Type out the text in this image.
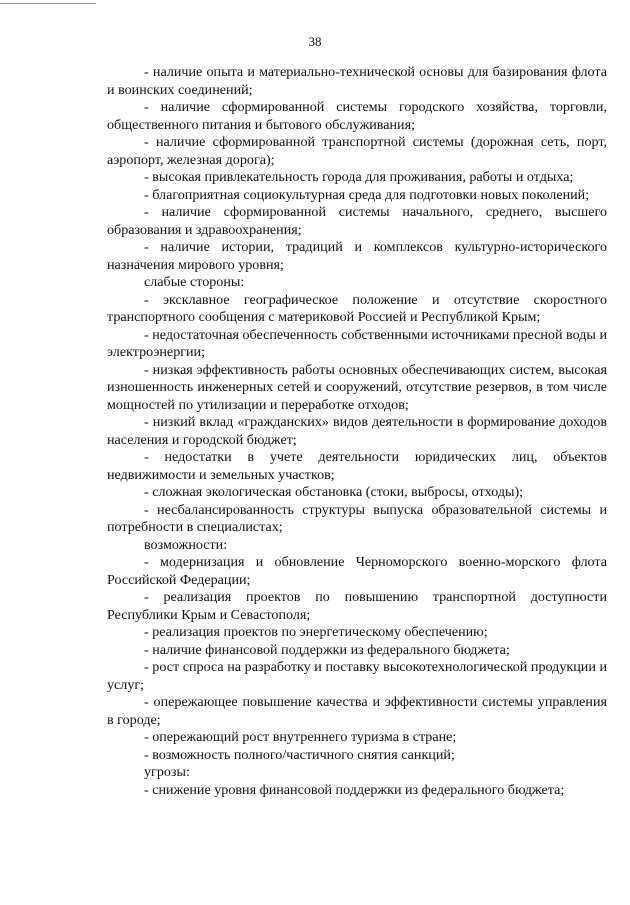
38

- наличие опыта и материально-технической основы для базирования флота и воинских соединений;

- наличие сформированной системы городского хозяйства, торговли, общественного питания и бытового обслуживания;

- наличие сформированной транспортной системы (дорожная сеть, порт, аэропорт, железная дорога);

- высокая привлекательность города для проживания, работы и отдыха;

- благоприятная социокультурная среда для подготовки новых поколений;

- наличие сформированной системы начального, среднего, высшего образования и здравоохранения;

- наличие истории, традиций и комплексов культурно-исторического назначения мирового уровня;

слабые стороны:

- эксклавное географическое положение и отсутствие скоростного транспортного сообщения с материковой Россией и Республикой Крым;

- недостаточная обеспеченность собственными источниками пресной воды и электроэнергии;

- низкая эффективность работы основных обеспечивающих систем, высокая изношенность инженерных сетей и сооружений, отсутствие резервов, в том числе мощностей по утилизации и переработке отходов;

- низкий вклад «гражданских» видов деятельности в формирование доходов населения и городской бюджет;

- недостатки в учете деятельности юридических лиц, объектов недвижимости и земельных участков;

- сложная экологическая обстановка (стоки, выбросы, отходы);

- несбалансированность структуры выпуска образовательной системы и потребности в специалистах;

возможности:

- модернизация и обновление Черноморского военно-морского флота Российской Федерации;

- реализация проектов по повышению транспортной доступности Республики Крым и Севастополя;

- реализация проектов по энергетическому обеспечению;

- наличие финансовой поддержки из федерального бюджета;

- рост спроса на разработку и поставку высокотехнологической продукции и услуг;

- опережающее повышение качества и эффективности системы управления в городе;

- опережающий рост внутреннего туризма в стране;

- возможность полного/частичного снятия санкций;

угрозы:

- снижение уровня финансовой поддержки из федерального бюджета;
